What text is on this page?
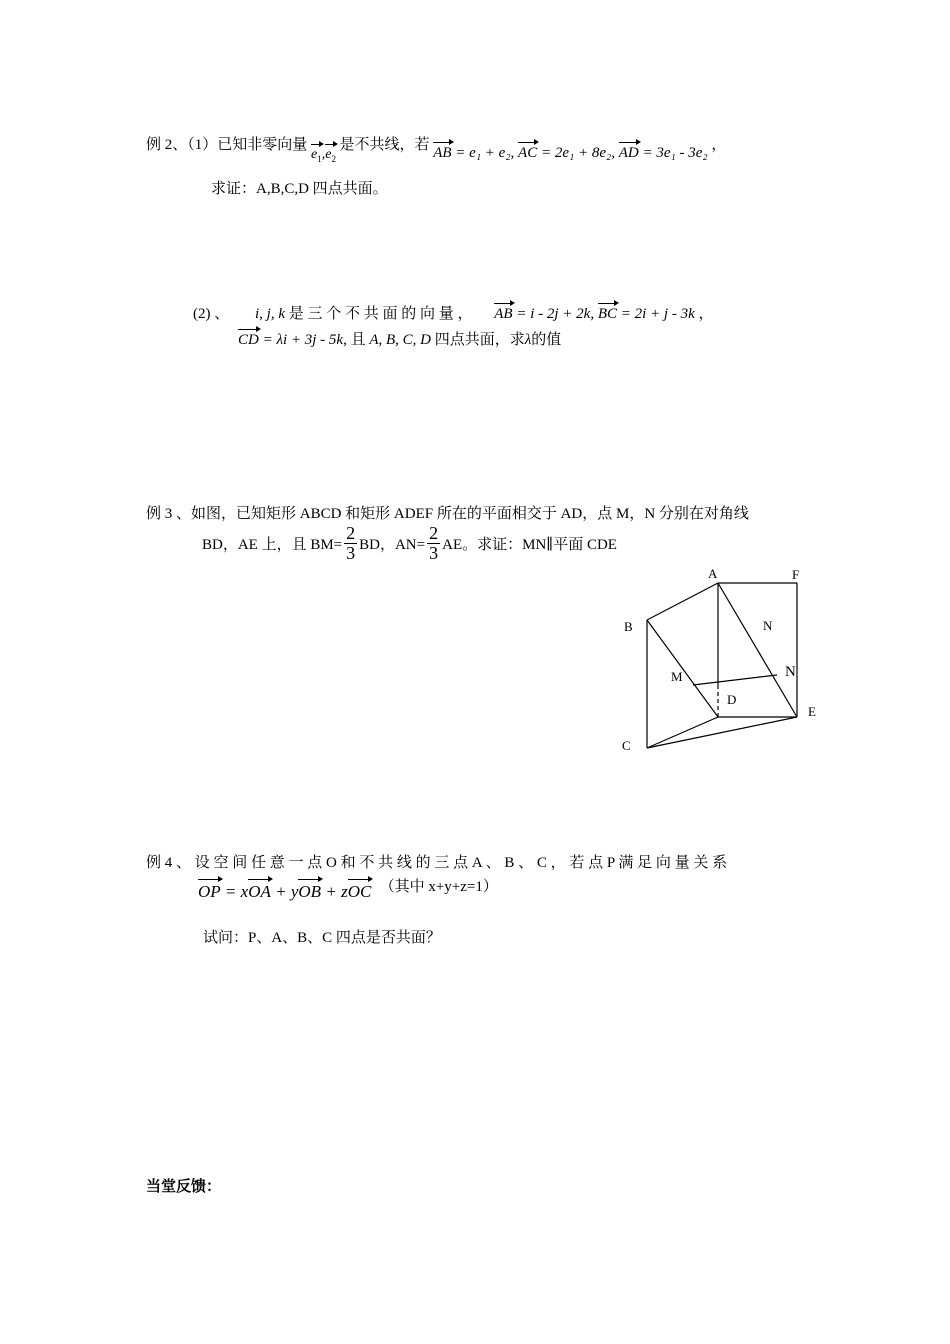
例 2、（1）已知非零向量 $e_1,e_2$ 是不共线，若 AB = e₁ + e₂, AC = 2e₁ + 8e₂, AD = 3e₁ - 3e₂ ，
求证：A,B,C,D 四点共面。
(2) 、 i, j, k 是 三 个 不 共 面 的 向 量 ， AB = i - 2j + 2k, BC = 2i + j - 3k ，
CD = λi + 3j - 5k, 且 A, B, C, D 四点共面，求λ的值
例 3 、如图，已知矩形 ABCD 和矩形 ADEF 所在的平面相交于 AD，点 M，N 分别在对角线
BD，AE 上，且 $BM= \frac{2}{3}$ BD，$AN= \frac{2}{3}$ AE。求证：MN∥平面 CDE
A	F
B	N
M	N
D
E
C
例 4 、 设 空 间 任 意 一 点 O 和 不 共 线 的 三 点 A 、 B 、 C ， 若 点 P 满 足 向 量 关 系
OP = xOA + yOB + zOC （其中 x+y+z=1）
试问：P、A、B、C 四点是否共面？
当堂反馈：
